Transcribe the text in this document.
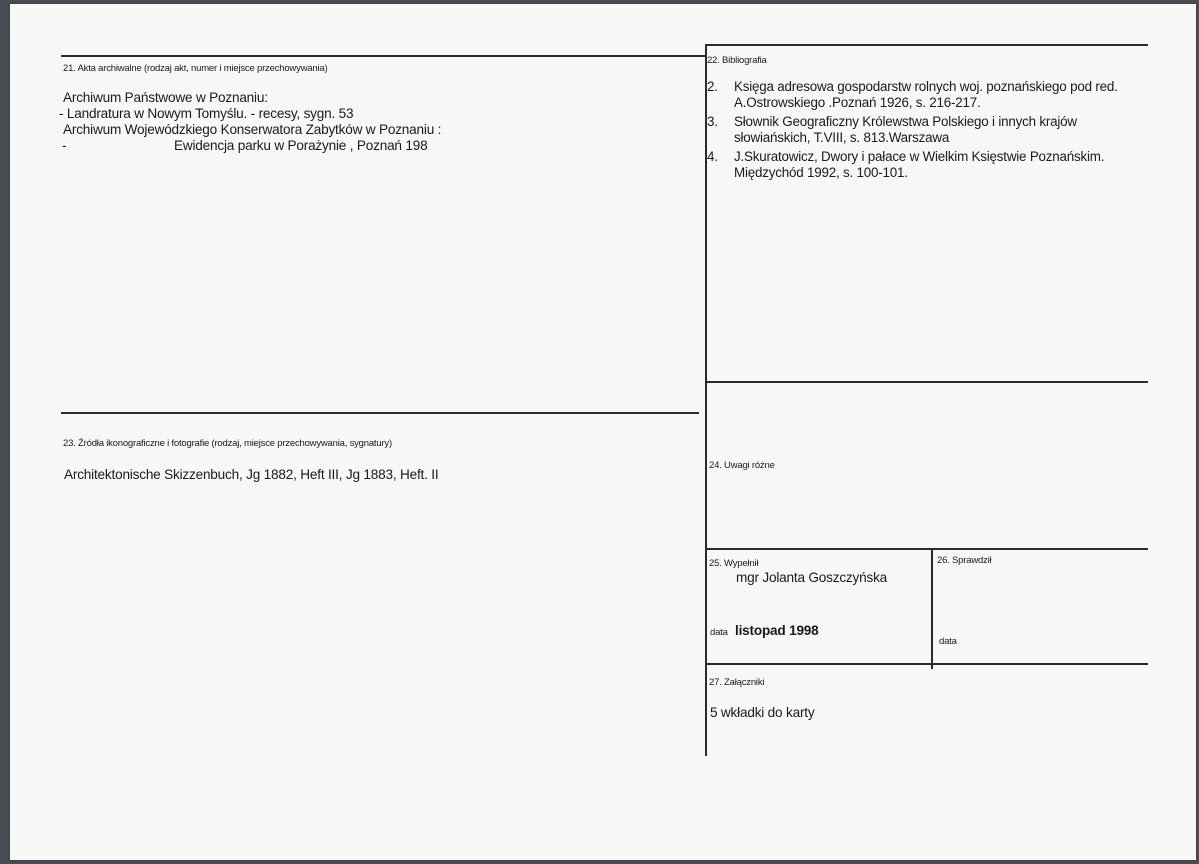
21. Akta archiwalne (rodzaj akt, numer i miejsce przechowywania)
Archiwum Państwowe w Poznaniu:
- Landratura w Nowym Tomyślu. - recesy, sygn. 53
Archiwum Wojewódzkiego Konserwatora Zabytków w Poznaniu :
-	Ewidencja parku w Porażynie , Poznań 198
22. Bibliografia
2. Księga adresowa gospodarstw rolnych woj. poznańskiego pod red.
A.Ostrowskiego .Poznań 1926, s. 216-217.
3. Słownik Geograficzny Królewstwa Polskiego i innych krajów
słowiańskich, T.VIII, s. 813.Warszawa
4. J.Skuratowicz, Dwory i pałace w Wielkim Księstwie Poznańskim.
Międzychód 1992, s. 100-101.
23. Źródła ikonograficzne i fotografie (rodzaj, miejsce przechowywania, sygnatury)
Architektonische Skizzenbuch, Jg 1882, Heft III, Jg 1883, Heft. II
24. Uwagi różne
25. Wypełnił
mgr Jolanta Goszczyńska
data listopad 1998
26. Sprawdził
data
27. Załączniki
5 wkładki do karty
